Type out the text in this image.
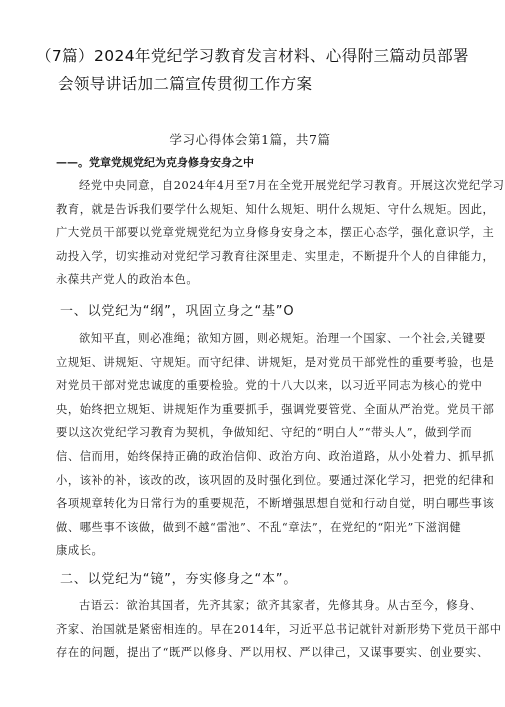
（7篇）2024年党纪学习教育发言材料、心得附三篇动员部署
会领导讲话加二篇宣传贯彻工作方案
学习心得体会第1篇，共7篇
——。党章党规党纪为克身修身安身之中
经党中央同意，自2024年4月至7月在全党开展党纪学习教育。开展这次党纪学习
教育，就是告诉我们要学什么规矩、知什么规矩、明什么规矩、守什么规矩。因此，
广大党员干部要以党章党规党纪为立身修身安身之本，摆正心态学，强化意识学，主
动投入学，切实推动对党纪学习教育往深里走、实里走，不断提升个人的自律能力，
永葆共产党人的政治本色。
一、以党纪为“纲”，巩固立身之“基”O
欲知平直，则必准绳；欲知方圆，则必规矩。治理一个国家、一个社会,关键要
立规矩、讲规矩、守规矩。而守纪律、讲规矩，是对党员干部党性的重要考验，也是
对党员干部对党忠诚度的重要检验。党的十八大以来，以习近平同志为核心的党中
央，始终把立规矩、讲规矩作为重要抓手，强调党要管党、全面从严治党。党员干部
要以这次党纪学习教育为契机，争做知纪、守纪的“明白人”“带头人”，做到学而
信、信而用，始终保持正确的政治信仰、政治方向、政治道路，从小处着力、抓早抓
小，该补的补，该改的改，该巩固的及时强化到位。要通过深化学习，把党的纪律和
各项规章转化为日常行为的重要规范，不断增强思想自觉和行动自觉，明白哪些事该
做、哪些事不该做，做到不越“雷池”、不乱“章法”，在党纪的“阳光”下滋润健
康成长。
二、以党纪为“镜”，夯实修身之“本”。
古语云：欲治其国者，先齐其家；欲齐其家者，先修其身。从古至今，修身、
齐家、治国就是紧密相连的。早在2014年，习近平总书记就针对新形势下党员干部中
存在的问题，提出了“既严以修身、严以用权、严以律己，又谋事要实、创业要实、
